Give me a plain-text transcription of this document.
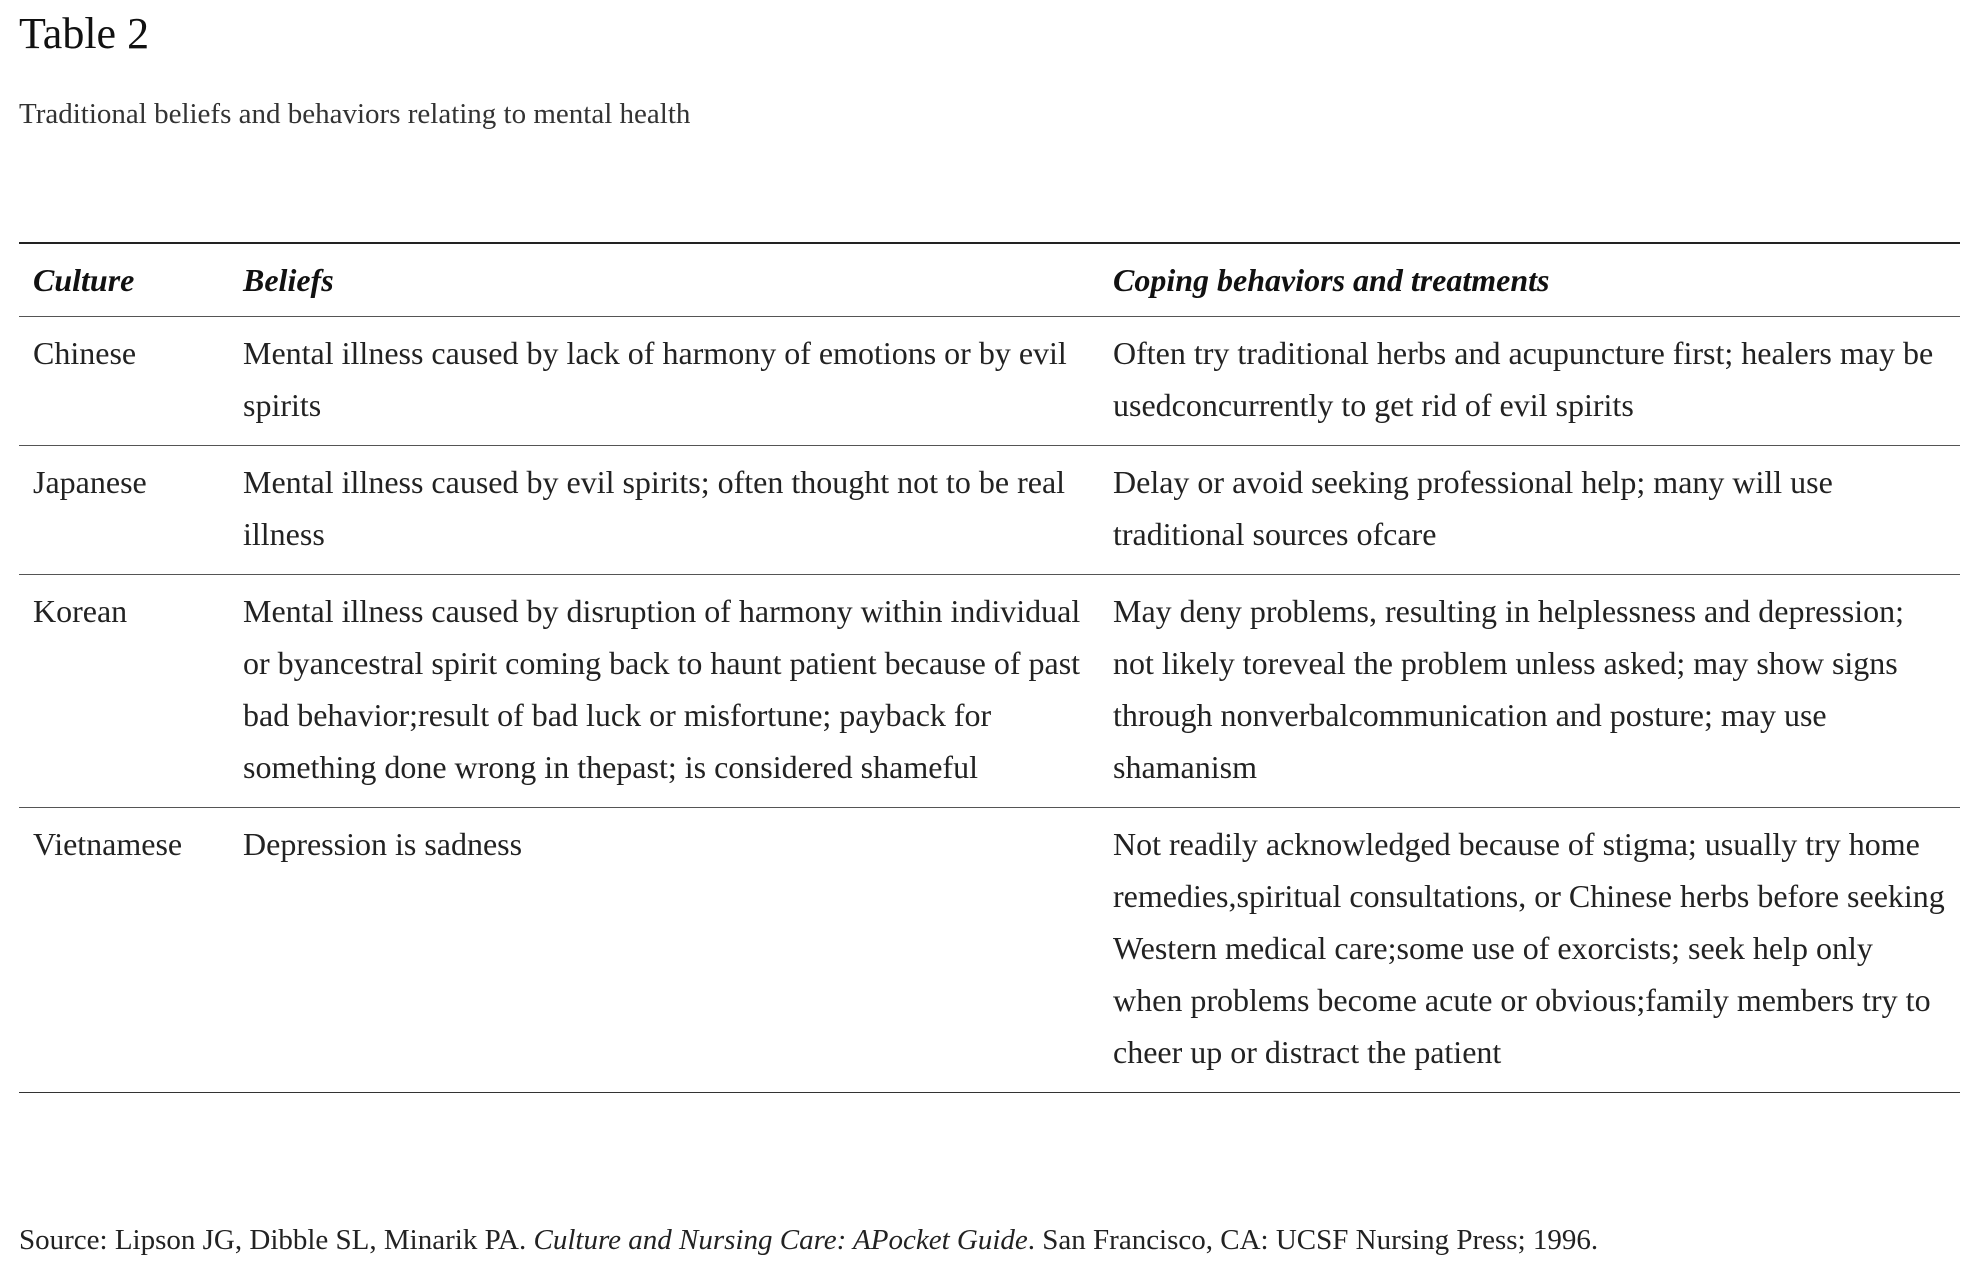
Table 2

Traditional beliefs and behaviors relating to mental health

Culture	Beliefs	Coping behaviors and treatments
Chinese	Mental illness caused by lack of harmony of emotions or by evil spirits	Often try traditional herbs and acupuncture first; healers may be usedconcurrently to get rid of evil spirits
Japanese	Mental illness caused by evil spirits; often thought not to be real illness	Delay or avoid seeking professional help; many will use traditional sources ofcare
Korean	Mental illness caused by disruption of harmony within individual or byancestral spirit coming back to haunt patient because of past bad behavior;result of bad luck or misfortune; payback for something done wrong in thepast; is considered shameful	May deny problems, resulting in helplessness and depression; not likely toreveal the problem unless asked; may show signs through nonverbalcommunication and posture; may use shamanism
Vietnamese	Depression is sadness	Not readily acknowledged because of stigma; usually try home remedies,spiritual consultations, or Chinese herbs before seeking Western medical care;some use of exorcists; seek help only when problems become acute or obvious;family members try to cheer up or distract the patient

Source: Lipson JG, Dibble SL, Minarik PA. Culture and Nursing Care: APocket Guide. San Francisco, CA: UCSF Nursing Press; 1996.
